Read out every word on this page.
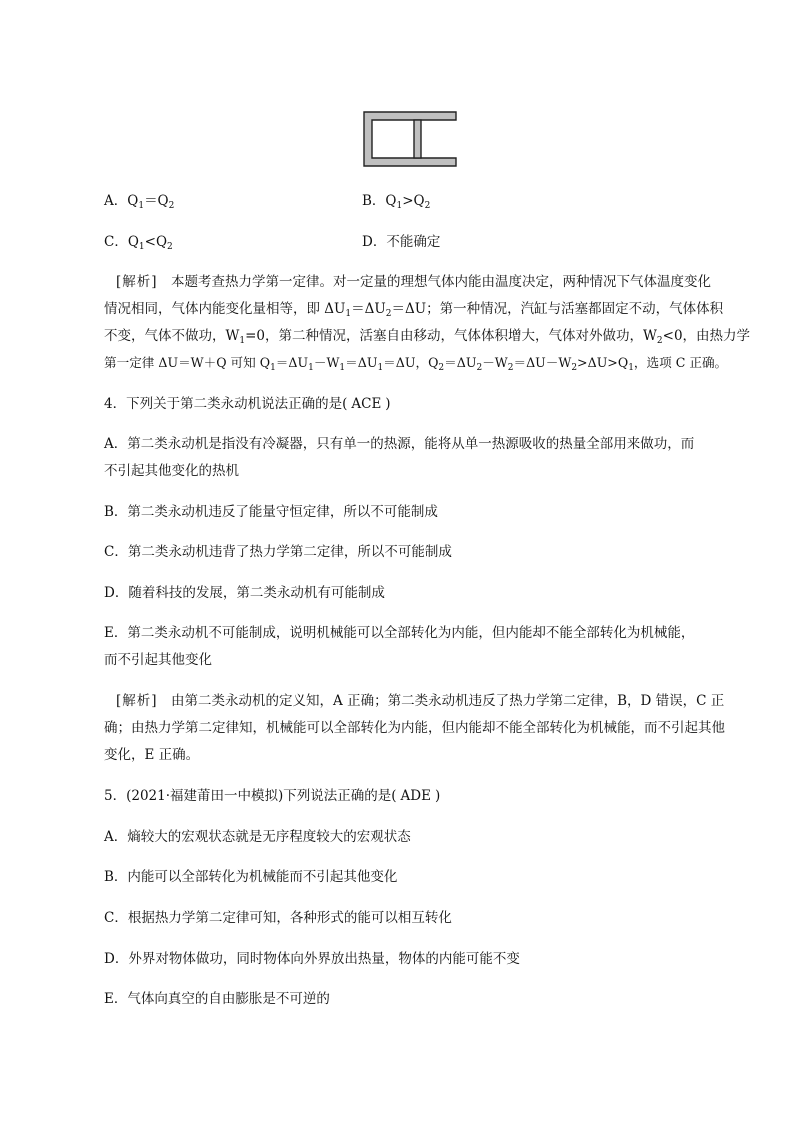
A．$Q_1=Q_2$	B．$Q_1>Q_2$
C．$Q_1<Q_2$	D．不能确定
[解析]　本题考查热力学第一定律。对一定量的理想气体内能由温度决定，两种情况下气体温度变化
情况相同，气体内能变化量相等，即 $\Delta U_1=\Delta U_2=\Delta U$；第一种情况，汽缸与活塞都固定不动，气体体积
不变，气体不做功，$W_1=0$，第二种情况，活塞自由移动，气体体积增大，气体对外做功，$W_2<0$，由热力学
第一定律 ΔU＝W＋Q 可知 $Q_1=\Delta U_1-W_1=\Delta U_1=\Delta U$，$Q_2=\Delta U_2-W_2=\Delta U-W_2>\Delta U>Q_1$，选项 C 正确。
4．下列关于第二类永动机说法正确的是( ACE )
A．第二类永动机是指没有冷凝器，只有单一的热源，能将从单一热源吸收的热量全部用来做功，而
不引起其他变化的热机
B．第二类永动机违反了能量守恒定律，所以不可能制成
C．第二类永动机违背了热力学第二定律，所以不可能制成
D．随着科技的发展，第二类永动机有可能制成
E．第二类永动机不可能制成，说明机械能可以全部转化为内能，但内能却不能全部转化为机械能，
而不引起其他变化
[解析]　由第二类永动机的定义知，A 正确；第二类永动机违反了热力学第二定律，B，D 错误，C 正
确；由热力学第二定律知，机械能可以全部转化为内能，但内能却不能全部转化为机械能，而不引起其他
变化，E 正确。
5．(2021·福建莆田一中模拟)下列说法正确的是( ADE )
A．熵较大的宏观状态就是无序程度较大的宏观状态
B．内能可以全部转化为机械能而不引起其他变化
C．根据热力学第二定律可知，各种形式的能可以相互转化
D．外界对物体做功，同时物体向外界放出热量，物体的内能可能不变
E．气体向真空的自由膨胀是不可逆的
